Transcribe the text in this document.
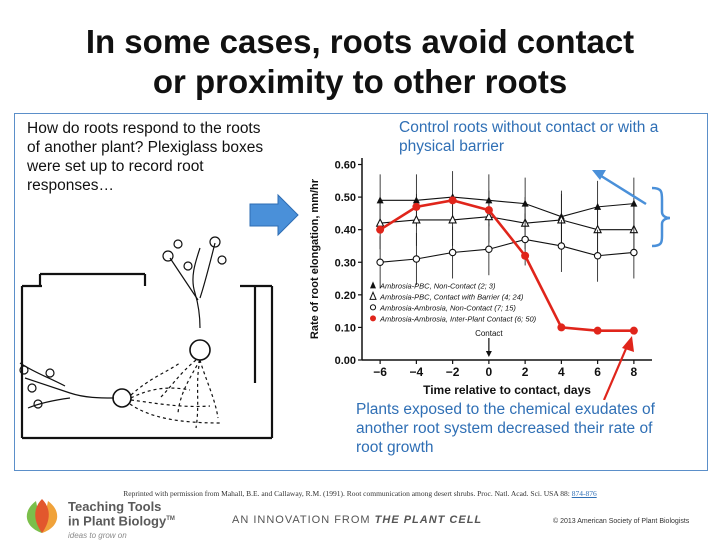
In some cases, roots avoid contact
or proximity to other roots
How do roots respond to the roots of another plant? Plexiglass boxes were set up to record root responses…
0.00
0.10
0.20
0.30
0.40
0.50
0.60
−6 −4 −2 0 2 4 6 8
Contact
Rate of root elongation, mm/hr
Time relative to contact, days
Ambrosia-PBC, Non-Contact (2; 3)
Ambrosia-PBC, Contact with Barrier (4; 24)
Ambrosia-Ambrosia, Non-Contact (7; 15)
Ambrosia-Ambrosia, Inter-Plant Contact (6; 50)
Control roots without contact or with a physical barrier
Plants exposed to the chemical exudates of another root system decreased their rate of root growth
Reprinted with permission from Mahall, B.E. and Callaway, R.M. (1991). Root communication among desert shrubs. Proc. Natl. Acad. Sci. USA 88: 874-876
Teaching Tools
in Plant Biology™
ideas to grow on
AN INNOVATION FROM THE PLANT CELL	© 2013 American Society of Plant Biologists
